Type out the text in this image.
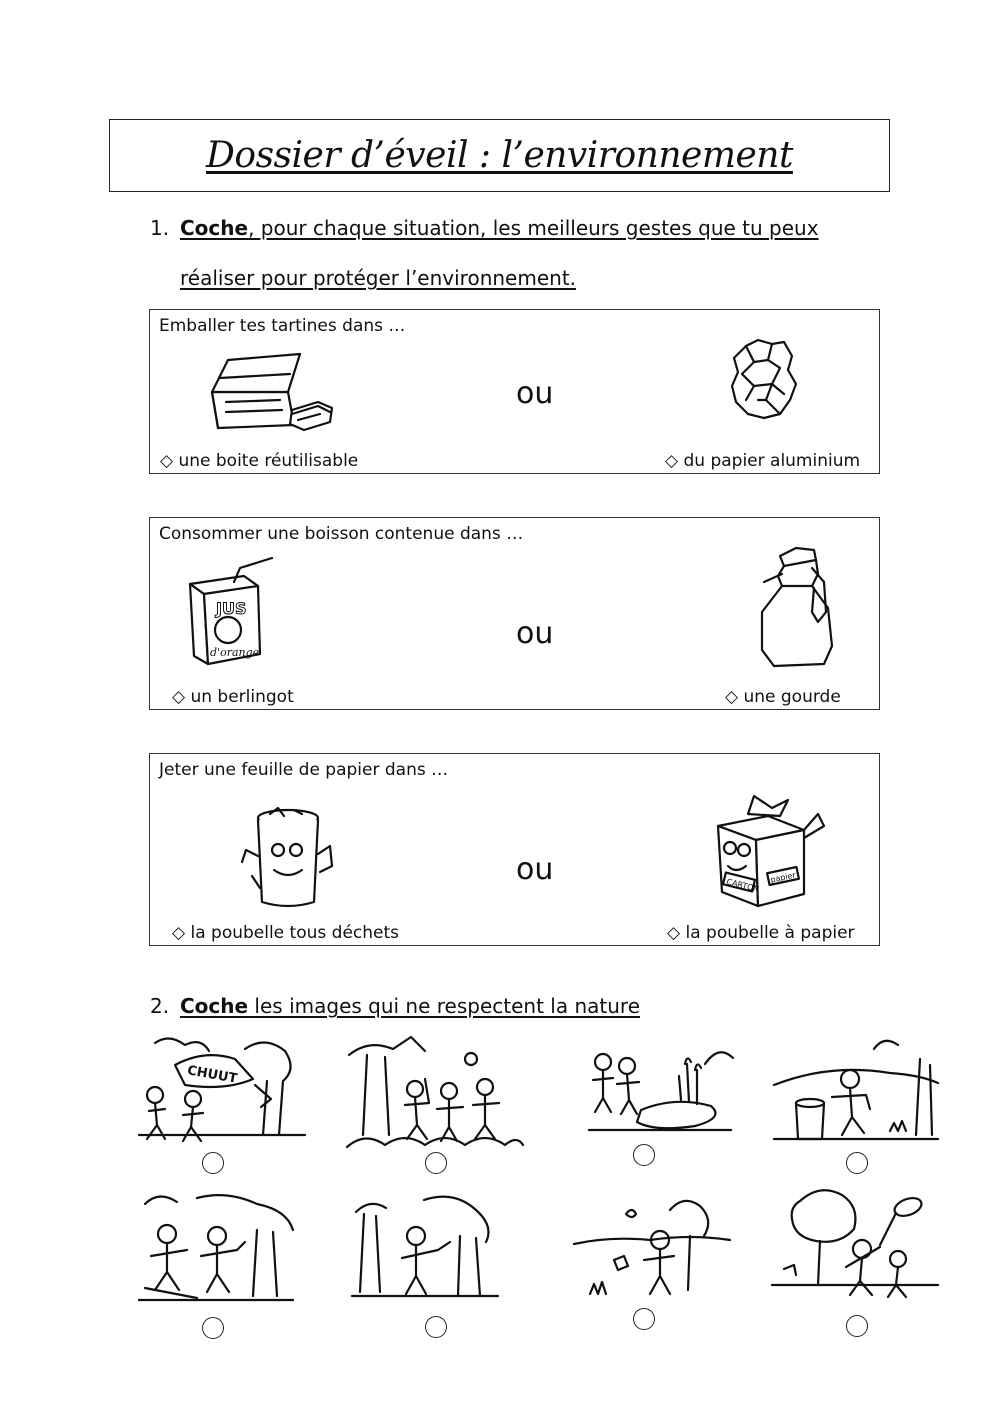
Dossier d’éveil : l’environnement
1. Coche, pour chaque situation, les meilleurs gestes que tu peux
réaliser pour protéger l’environnement.
Emballer tes tartines dans …
ou
◇ une boite réutilisable	◇ du papier aluminium
Consommer une boisson contenue dans …
ou
◇ un berlingot	◇ une gourde
JUS
d'orange
Jeter une feuille de papier dans …
ou
◇ la poubelle tous déchets	◇ la poubelle à papier
CARTON papier
2. Coche les images qui ne respectent la nature
CHUUT
